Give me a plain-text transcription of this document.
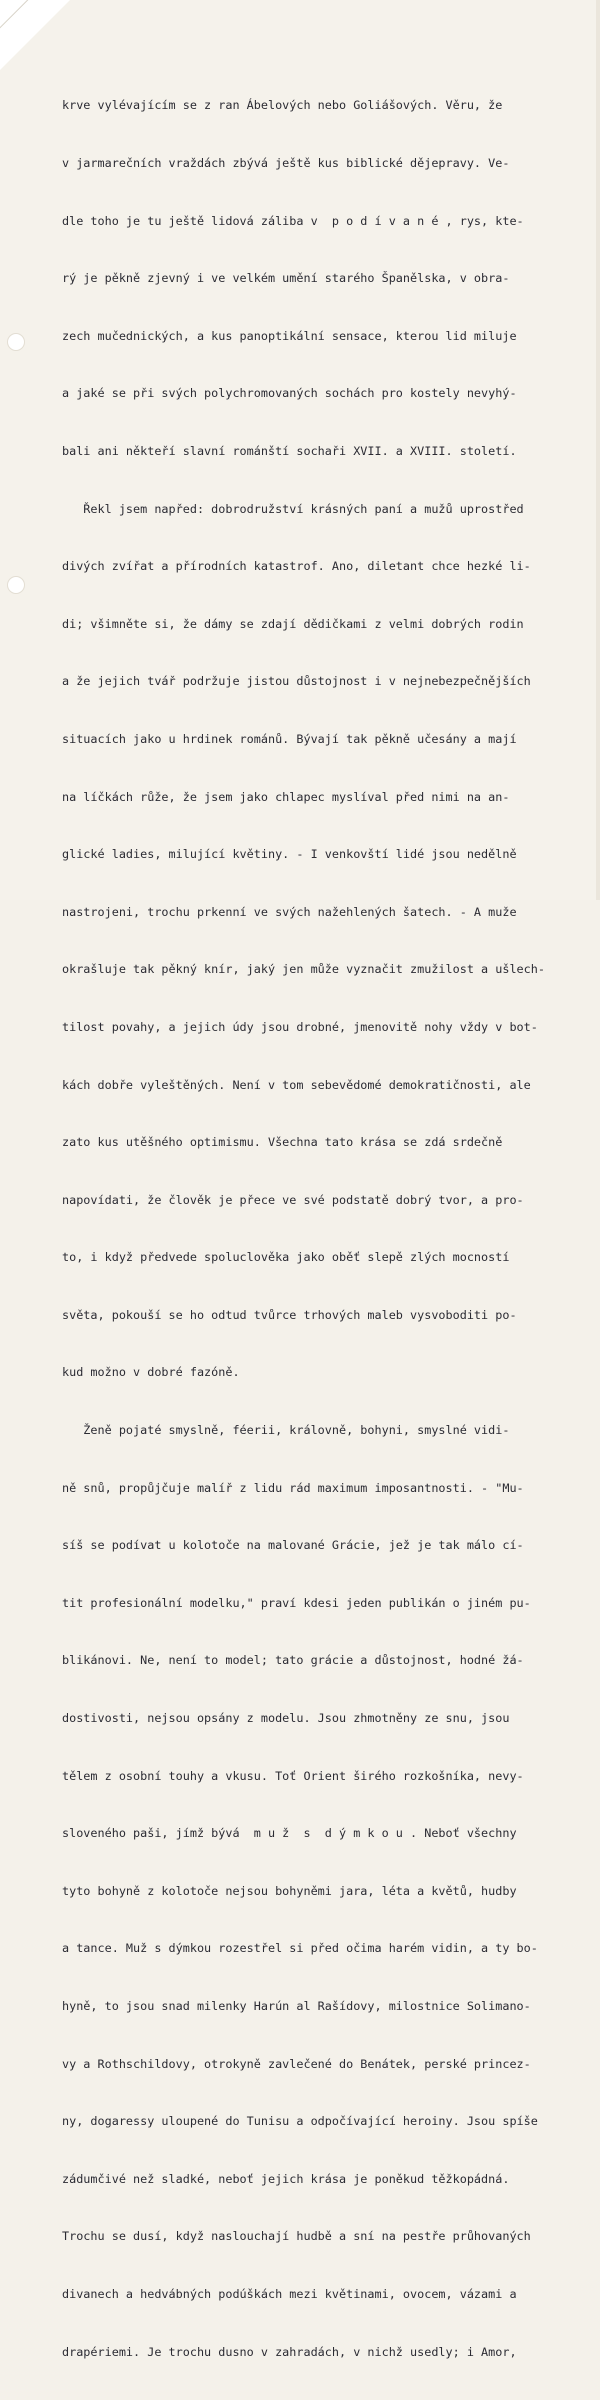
krve vylévajícím se z ran Ábelových nebo Goliášových. Věru, že

v jarmarečních vraždách zbývá ještě kus biblické dějepravy. Ve-

dle toho je tu ještě lidová záliba v  p o d í v a n é , rys, kte-

rý je pěkně zjevný i ve velkém umění starého Španělska, v obra-

zech mučednických, a kus panoptikální sensace, kterou lid miluje

a jaké se při svých polychromovaných sochách pro kostely nevyhý-

bali ani někteří slavní románští sochaři XVII. a XVIII. století.

Řekl jsem napřed: dobrodružství krásných paní a mužů uprostřed

divých zvířat a přírodních katastrof. Ano, diletant chce hezké li-

di; všimněte si, že dámy se zdají dědičkami z velmi dobrých rodin

a že jejich tvář podržuje jistou důstojnost i v nejnebezpečnějších

situacích jako u hrdinek románů. Bývají tak pěkně učesány a mají

na líčkách růže, že jsem jako chlapec myslíval před nimi na an-

glické ladies, milující květiny. - I venkovští lidé jsou nedělně

nastrojeni, trochu prkenní ve svých nažehlených šatech. - A muže

okrašluje tak pěkný knír, jaký jen může vyznačit zmužilost a ušlech-

tilost povahy, a jejich údy jsou drobné, jmenovitě nohy vždy v bot-

kách dobře vyleštěných. Není v tom sebevědomé demokratičnosti, ale

zato kus utěšného optimismu. Všechna tato krása se zdá srdečně

napovídati, že člověk je přece ve své podstatě dobrý tvor, a pro-

to, i když předvede spoluclověka jako oběť slepě zlých mocností

světa, pokouší se ho odtud tvůrce trhových maleb vysvoboditi po-

kud možno v dobré fazóně.

Ženě pojaté smyslně, féerii, královně, bohyni, smyslné vidi-

ně snů, propůjčuje malíř z lidu rád maximum imposantnosti. - "Mu-

síš se podívat u kolotoče na malované Grácie, jež je tak málo cí-

tit profesionální modelku," praví kdesi jeden publikán o jiném pu-

blikánovi. Ne, není to model; tato grácie a důstojnost, hodné žá-

dostivosti, nejsou opsány z modelu. Jsou zhmotněny ze snu, jsou

tělem z osobní touhy a vkusu. Toť Orient širého rozkošníka, nevy-

sloveného paši, jímž bývá  m u ž  s  d ý m k o u . Neboť všechny

tyto bohyně z kolotoče nejsou bohyněmi jara, léta a květů, hudby

a tance. Muž s dýmkou rozestřel si před očima harém vidin, a ty bo-

hyně, to jsou snad milenky Harún al Rašídovy, milostnice Solimano-

vy a Rothschildovy, otrokyně zavlečené do Benátek, perské princez-

ny, dogaressy uloupené do Tunisu a odpočívající heroiny. Jsou spíše

zádumčivé než sladké, neboť jejich krása je poněkud těžkopádná.

Trochu se dusí, když naslouchají hudbě a sní na pestře průhovaných

divanech a hedvábných podúškách mezi květinami, ovocem, vázami a

drapériemi. Je trochu dusno v zahradách, v nichž usedly; i Amor,
